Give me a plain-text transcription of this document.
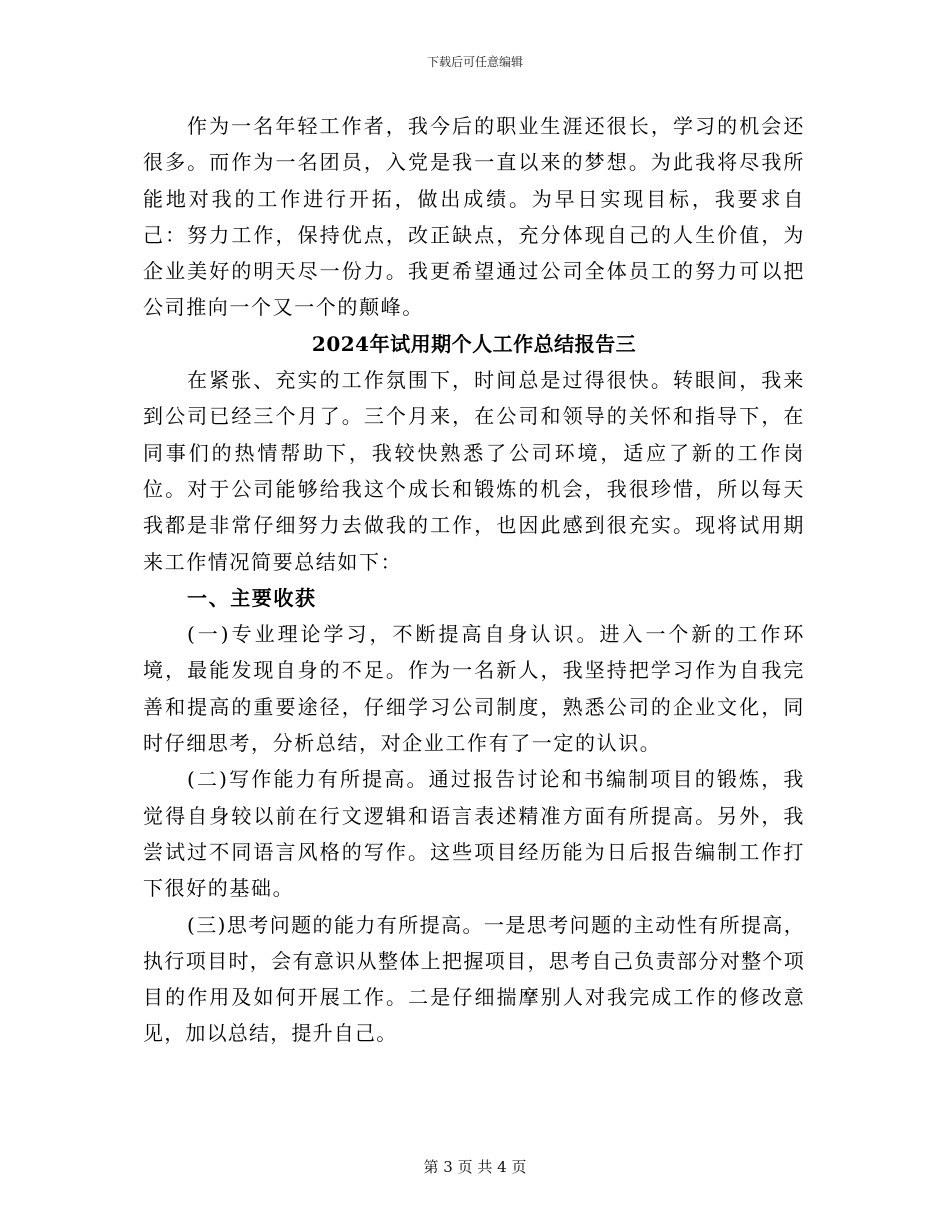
下载后可任意编辑

作为一名年轻工作者，我今后的职业生涯还很长，学习的机会还很多。而作为一名团员，入党是我一直以来的梦想。为此我将尽我所能地对我的工作进行开拓，做出成绩。为早日实现目标，我要求自己：努力工作，保持优点，改正缺点，充分体现自己的人生价值，为企业美好的明天尽一份力。我更希望通过公司全体员工的努力可以把公司推向一个又一个的颠峰。

2024年试用期个人工作总结报告三

在紧张、充实的工作氛围下，时间总是过得很快。转眼间，我来到公司已经三个月了。三个月来，在公司和领导的关怀和指导下，在同事们的热情帮助下，我较快熟悉了公司环境，适应了新的工作岗位。对于公司能够给我这个成长和锻炼的机会，我很珍惜，所以每天我都是非常仔细努力去做我的工作，也因此感到很充实。现将试用期来工作情况简要总结如下：

一、主要收获

(一)专业理论学习，不断提高自身认识。进入一个新的工作环境，最能发现自身的不足。作为一名新人，我坚持把学习作为自我完善和提高的重要途径，仔细学习公司制度，熟悉公司的企业文化，同时仔细思考，分析总结，对企业工作有了一定的认识。

(二)写作能力有所提高。通过报告讨论和书编制项目的锻炼，我觉得自身较以前在行文逻辑和语言表述精准方面有所提高。另外，我尝试过不同语言风格的写作。这些项目经历能为日后报告编制工作打下很好的基础。

(三)思考问题的能力有所提高。一是思考问题的主动性有所提高，执行项目时，会有意识从整体上把握项目，思考自己负责部分对整个项目的作用及如何开展工作。二是仔细揣摩别人对我完成工作的修改意见，加以总结，提升自己。

第 3 页 共 4 页
